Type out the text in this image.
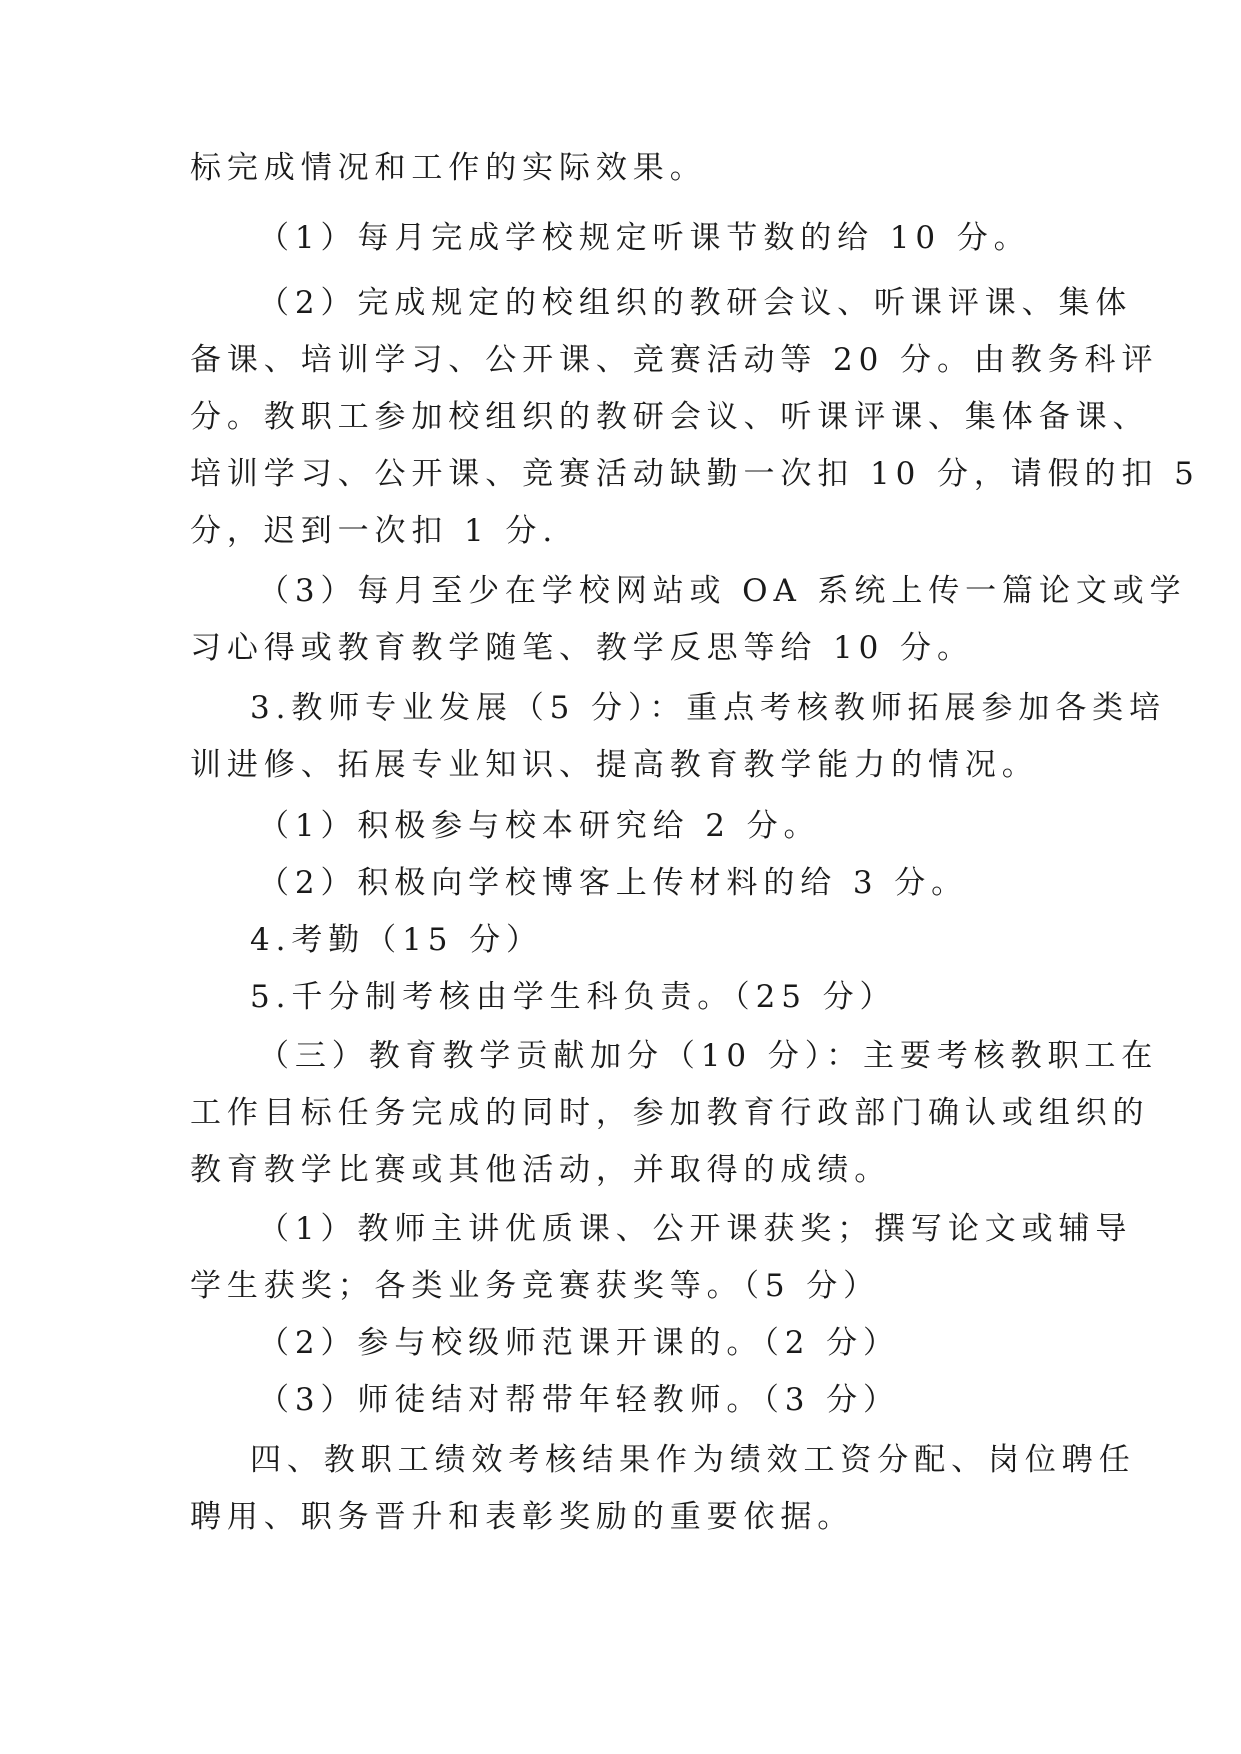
标完成情况和工作的实际效果。
（1）每月完成学校规定听课节数的给 10 分。
（2）完成规定的校组织的教研会议、听课评课、集体
备课、培训学习、公开课、竞赛活动等 20 分。由教务科评
分。教职工参加校组织的教研会议、听课评课、集体备课、
培训学习、公开课、竞赛活动缺勤一次扣 10 分，请假的扣 5
分，迟到一次扣 1 分.
（3）每月至少在学校网站或 OA 系统上传一篇论文或学
习心得或教育教学随笔、教学反思等给 10 分。
3.教师专业发展（5 分）：重点考核教师拓展参加各类培
训进修、拓展专业知识、提高教育教学能力的情况。
（1）积极参与校本研究给 2 分。
（2）积极向学校博客上传材料的给 3 分。
4.考勤（15 分）
5.千分制考核由学生科负责。（25 分）
（三）教育教学贡献加分（10 分）：主要考核教职工在
工作目标任务完成的同时，参加教育行政部门确认或组织的
教育教学比赛或其他活动，并取得的成绩。
（1）教师主讲优质课、公开课获奖；撰写论文或辅导
学生获奖；各类业务竞赛获奖等。（5 分）
（2）参与校级师范课开课的。（2 分）
（3）师徒结对帮带年轻教师。（3 分）
四、教职工绩效考核结果作为绩效工资分配、岗位聘任
聘用、职务晋升和表彰奖励的重要依据。
